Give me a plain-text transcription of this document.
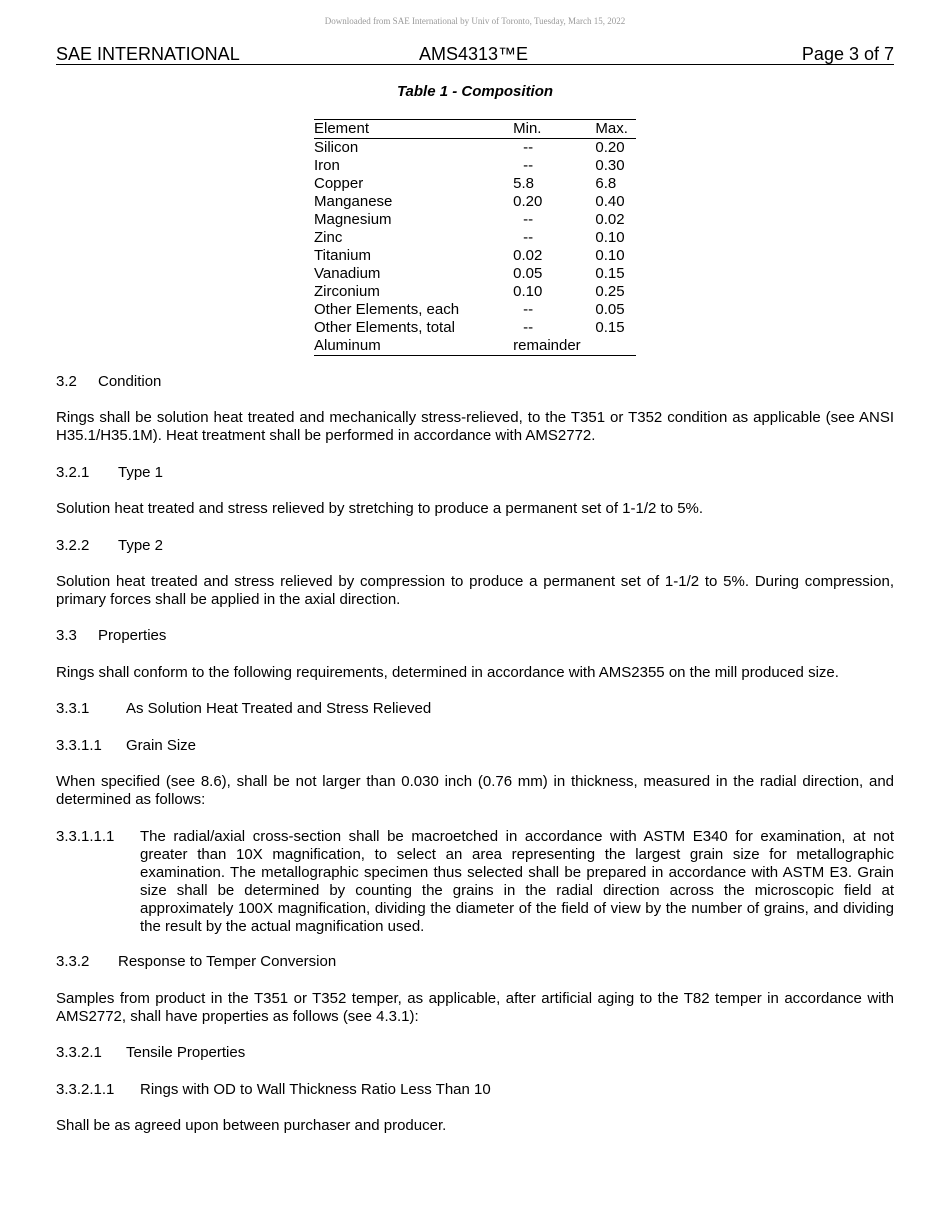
Downloaded from SAE International by Univ of Toronto, Tuesday, March 15, 2022
SAE INTERNATIONAL	AMS4313™E	Page 3 of 7
Table 1 - Composition
Element	Min.	Max.
Silicon	--	0.20
Iron	--	0.30
Copper	5.8	6.8
Manganese	0.20	0.40
Magnesium	--	0.02
Zinc	--	0.10
Titanium	0.02	0.10
Vanadium	0.05	0.15
Zirconium	0.10	0.25
Other Elements, each	--	0.05
Other Elements, total	--	0.15
Aluminum	remainder	
3.2 Condition
Rings shall be solution heat treated and mechanically stress-relieved, to the T351 or T352 condition as applicable (see ANSI H35.1/H35.1M). Heat treatment shall be performed in accordance with AMS2772.
3.2.1 Type 1
Solution heat treated and stress relieved by stretching to produce a permanent set of 1-1/2 to 5%.
3.2.2 Type 2
Solution heat treated and stress relieved by compression to produce a permanent set of 1-1/2 to 5%. During compression, primary forces shall be applied in the axial direction.
3.3 Properties
Rings shall conform to the following requirements, determined in accordance with AMS2355 on the mill produced size.
3.3.1 As Solution Heat Treated and Stress Relieved
3.3.1.1 Grain Size
When specified (see 8.6), shall be not larger than 0.030 inch (0.76 mm) in thickness, measured in the radial direction, and determined as follows:
3.3.1.1.1 The radial/axial cross-section shall be macroetched in accordance with ASTM E340 for examination, at not greater than 10X magnification, to select an area representing the largest grain size for metallographic examination. The metallographic specimen thus selected shall be prepared in accordance with ASTM E3. Grain size shall be determined by counting the grains in the radial direction across the microscopic field at approximately 100X magnification, dividing the diameter of the field of view by the number of grains, and dividing the result by the actual magnification used.
3.3.2 Response to Temper Conversion
Samples from product in the T351 or T352 temper, as applicable, after artificial aging to the T82 temper in accordance with AMS2772, shall have properties as follows (see 4.3.1):
3.3.2.1 Tensile Properties
3.3.2.1.1 Rings with OD to Wall Thickness Ratio Less Than 10
Shall be as agreed upon between purchaser and producer.
